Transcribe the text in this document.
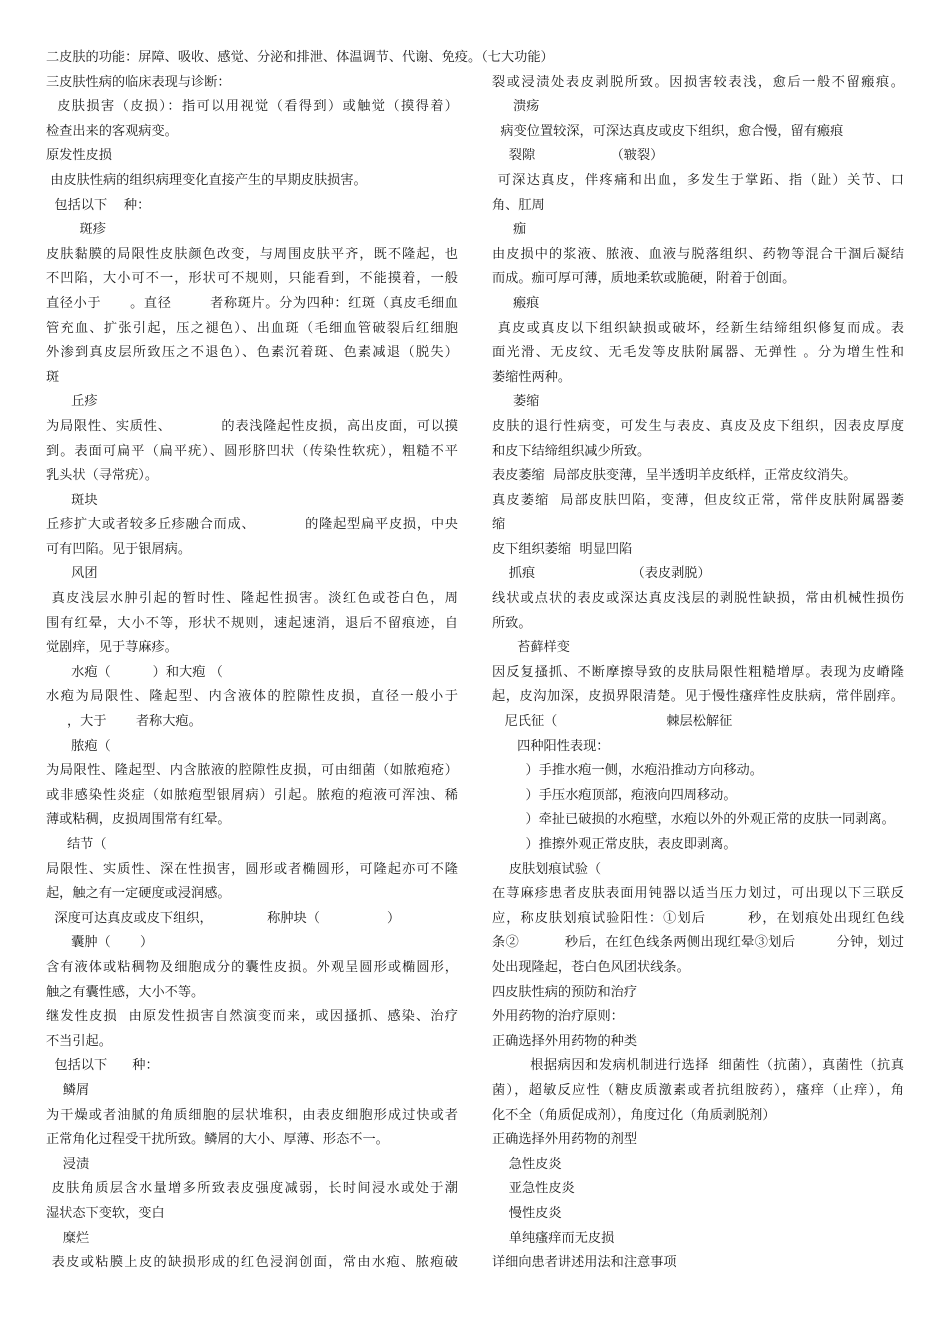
二皮肤的功能：屏障、吸收、感觉、分泌和排泄、体温调节、代谢、免疫。（七大功能）
三皮肤性病的临床表现与诊断：
皮肤损害（皮损）：指可以用视觉（看得到）或触觉（摸得着）
检查出来的客观病变。
原发性皮损
由皮肤性病的组织病理变化直接产生的早期皮肤损害。
包括以下    种：
斑疹
皮肤黏膜的局限性皮肤颜色改变，与周围皮肤平齐，既不隆起，也
不凹陷，大小可不一，形状可不规则，只能看到，不能摸着，一般
直径小于      。直径        者称斑片。分为四种：红斑（真皮毛细血
管充血、扩张引起，压之褪色）、出血斑（毛细血管破裂后红细胞
外渗到真皮层所致压之不退色）、色素沉着斑、色素减退（脱失）
斑
丘疹
为局限性、实质性、          的表浅隆起性皮损，高出皮面，可以摸
到。表面可扁平（扁平疣）、圆形脐凹状（传染性软疣），粗糙不平
乳头状（寻常疣）。
斑块
丘疹扩大或者较多丘疹融合而成、          的隆起型扁平皮损，中央
可有凹陷。见于银屑病。
风团
真皮浅层水肿引起的暂时性、隆起性损害。淡红色或苍白色，周
围有红晕，大小不等，形状不规则，速起速消，退后不留痕迹，自
觉剧痒，见于荨麻疹。
水疱（          ）和大疱 （
水疱为局限性、隆起型、内含液体的腔隙性皮损，直径一般小于
，大于       者称大疱。
脓疱（
为局限性、隆起型、内含脓液的腔隙性皮损，可由细菌（如脓疱疮）
或非感染性炎症（如脓疱型银屑病）引起。脓疱的疱液可浑浊、稀
薄或粘稠，皮损周围常有红晕。
结节（
局限性、实质性、深在性损害，圆形或者椭圆形，可隆起亦可不隆
起，触之有一定硬度或浸润感。
深度可达真皮或皮下组织，             称肿块（                ）
囊肿（       ）
含有液体或粘稠物及细胞成分的囊性皮损。外观呈圆形或椭圆形，
触之有囊性感，大小不等。
继发性皮损  由原发性损害自然演变而来，或因搔抓、感染、治疗
不当引起。
包括以下      种：
鳞屑
为干燥或者油腻的角质细胞的层状堆积，由表皮细胞形成过快或者
正常角化过程受干扰所致。鳞屑的大小、厚薄、形态不一。
浸渍
皮肤角质层含水量增多所致表皮强度减弱，长时间浸水或处于潮
湿状态下变软，变白
糜烂
表皮或粘膜上皮的缺损形成的红色浸润创面，常由水疱、脓疱破
裂或浸渍处表皮剥脱所致。因损害较表浅，愈后一般不留瘢痕。
溃疡
病变位置较深，可深达真皮或皮下组织，愈合慢，留有瘢痕
裂隙                  （皲裂）
可深达真皮，伴疼痛和出血，多发生于掌跖、指（趾）关节、口
角、肛周
痂
由皮损中的浆液、脓液、血液与脱落组织、药物等混合干涸后凝结
而成。痂可厚可薄，质地柔软或脆硬，附着于创面。
瘢痕
真皮或真皮以下组织缺损或破坏，经新生结缔组织修复而成。表
面光滑、无皮纹、无毛发等皮肤附属器、无弹性 。分为增生性和
萎缩性两种。
萎缩
皮肤的退行性病变，可发生与表皮、真皮及皮下组织，因表皮厚度
和皮下结缔组织减少所致。
表皮萎缩  局部皮肤变薄，呈半透明羊皮纸样，正常皮纹消失。
真皮萎缩  局部皮肤凹陷，变薄，但皮纹正常，常伴皮肤附属器萎
缩
皮下组织萎缩  明显凹陷
抓痕                       （表皮剥脱）
线状或点状的表皮或深达真皮浅层的剥脱性缺损，常由机械性损伤
所致。
苔藓样变
因反复搔抓、不断摩擦导致的皮肤局限性粗糙增厚。表现为皮嵴隆
起，皮沟加深，皮损界限清楚。见于慢性瘙痒性皮肤病，常伴剧痒。
尼氏征（                          棘层松解征
四种阳性表现：
）手推水疱一侧，水疱沿推动方向移动。
）手压水疱顶部，疱液向四周移动。
）牵扯已破损的水疱壁，水疱以外的外观正常的皮肤一同剥离。
）推擦外观正常皮肤，表皮即剥离。
皮肤划痕试验（
在荨麻疹患者皮肤表面用钝器以适当压力划过，可出现以下三联反
应，称皮肤划痕试验阳性：①划后        秒，在划痕处出现红色线
条②          秒后，在红色线条两侧出现红晕③划后         分钟，划过
处出现隆起，苍白色风团状线条。
四皮肤性病的预防和治疗
外用药物的治疗原则：
正确选择外用药物的种类
根据病因和发病机制进行选择  细菌性（抗菌），真菌性（抗真
菌），超敏反应性（糖皮质激素或者抗组胺药），瘙痒（止痒），角
化不全（角质促成剂），角度过化（角质剥脱剂）
正确选择外用药物的剂型
急性皮炎
亚急性皮炎
慢性皮炎
单纯瘙痒而无皮损
详细向患者讲述用法和注意事项
